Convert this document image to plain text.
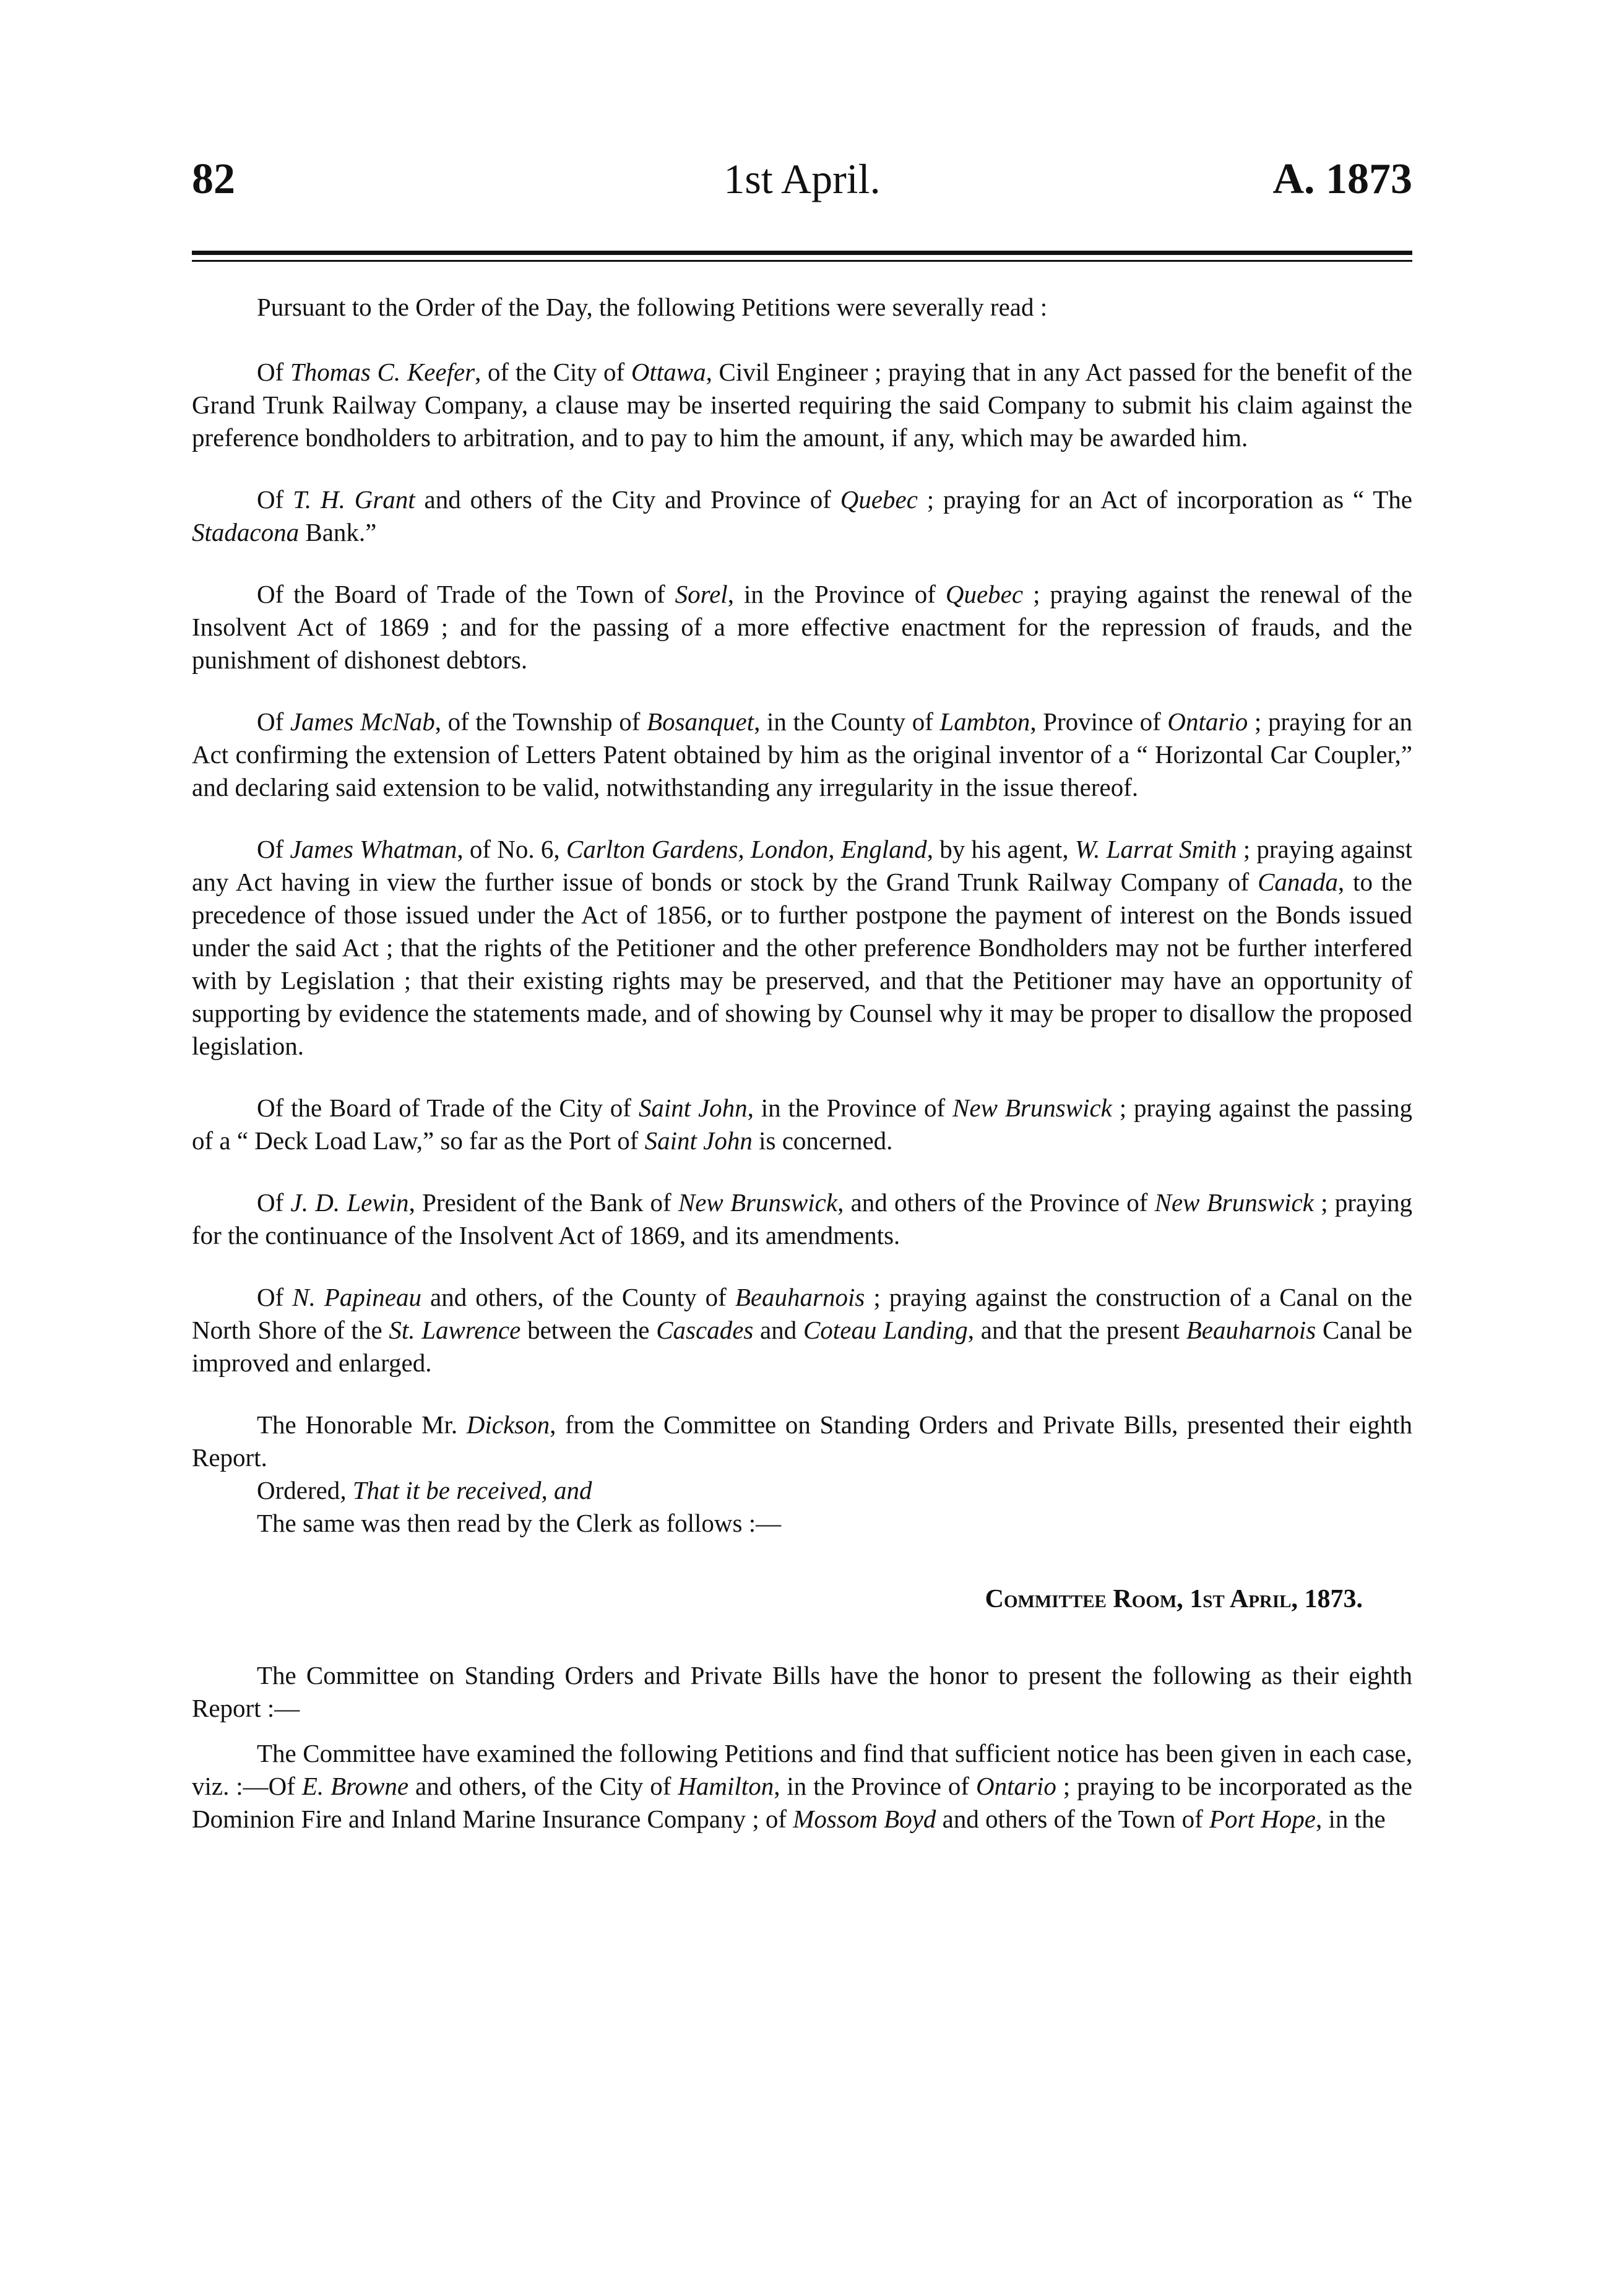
82	1st April.	A. 1873

Pursuant to the Order of the Day, the following Petitions were severally read :

Of Thomas C. Keefer, of the City of Ottawa, Civil Engineer ; praying that in any Act passed for the benefit of the Grand Trunk Railway Company, a clause may be inserted requiring the said Company to submit his claim against the preference bondholders to arbitration, and to pay to him the amount, if any, which may be awarded him.

Of T. H. Grant and others of the City and Province of Quebec ; praying for an Act of incorporation as “ The Stadacona Bank.”

Of the Board of Trade of the Town of Sorel, in the Province of Quebec ; praying against the renewal of the Insolvent Act of 1869 ; and for the passing of a more effective enactment for the repression of frauds, and the punishment of dishonest debtors.

Of James McNab, of the Township of Bosanquet, in the County of Lambton, Province of Ontario ; praying for an Act confirming the extension of Letters Patent obtained by him as the original inventor of a “ Horizontal Car Coupler,” and declaring said extension to be valid, notwithstanding any irregularity in the issue thereof.

Of James Whatman, of No. 6, Carlton Gardens, London, England, by his agent, W. Larrat Smith ; praying against any Act having in view the further issue of bonds or stock by the Grand Trunk Railway Company of Canada, to the precedence of those issued under the Act of 1856, or to further postpone the payment of interest on the Bonds issued under the said Act ; that the rights of the Petitioner and the other preference Bondholders may not be further interfered with by Legislation ; that their existing rights may be preserved, and that the Petitioner may have an opportunity of supporting by evidence the statements made, and of showing by Counsel why it may be proper to disallow the proposed legislation.

Of the Board of Trade of the City of Saint John, in the Province of New Brunswick ; praying against the passing of a “ Deck Load Law,” so far as the Port of Saint John is concerned.

Of J. D. Lewin, President of the Bank of New Brunswick, and others of the Province of New Brunswick ; praying for the continuance of the Insolvent Act of 1869, and its amendments.

Of N. Papineau and others, of the County of Beauharnois ; praying against the construction of a Canal on the North Shore of the St. Lawrence between the Cascades and Coteau Landing, and that the present Beauharnois Canal be improved and enlarged.

The Honorable Mr. Dickson, from the Committee on Standing Orders and Private Bills, presented their eighth Report.

Ordered, That it be received, and

The same was then read by the Clerk as follows :—

Committee Room, 1st April, 1873.

The Committee on Standing Orders and Private Bills have the honor to present the following as their eighth Report :—

The Committee have examined the following Petitions and find that sufficient notice has been given in each case, viz. :—Of E. Browne and others, of the City of Hamilton, in the Province of Ontario ; praying to be incorporated as the Dominion Fire and Inland Marine Insurance Company ; of Mossom Boyd and others of the Town of Port Hope, in the
